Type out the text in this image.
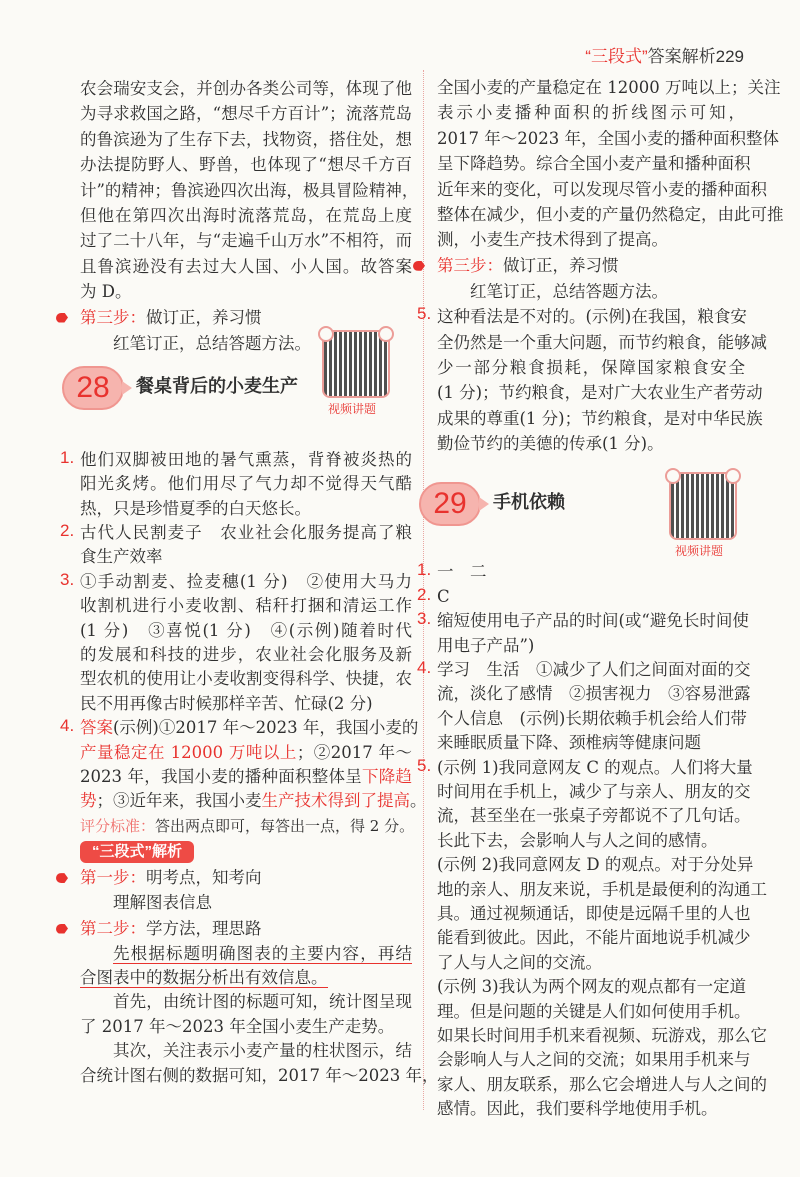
“三段式”答案解析229
农会瑞安支会，并创办各类公司等，体现了他
为寻求救国之路，“想尽千方百计”；流落荒岛
的鲁滨逊为了生存下去，找物资，搭住处，想
办法提防野人、野兽，也体现了“想尽千方百
计”的精神；鲁滨逊四次出海，极具冒险精神，
但他在第四次出海时流落荒岛，在荒岛上度
过了二十八年，与“走遍千山万水”不相符，而
且鲁滨逊没有去过大人国、小人国。故答案
为 D。
第三步：做订正，养习惯
红笔订正，总结答题方法。
28	餐桌背后的小麦生产
视频讲题
1. 他们双脚被田地的暑气熏蒸，背脊被炎热的
阳光炙烤。他们用尽了气力却不觉得天气酷
热，只是珍惜夏季的白天悠长。
2. 古代人民割麦子　农业社会化服务提高了粮
食生产效率
3. ①手动割麦、捡麦穗(1 分)　②使用大马力
收割机进行小麦收割、秸秆打捆和清运工作
(1 分)　③喜悦(1 分)　④(示例)随着时代
的发展和科技的进步，农业社会化服务及新
型农机的使用让小麦收割变得科学、快捷，农
民不用再像古时候那样辛苦、忙碌(2 分)
4. 答案(示例)①2017 年～2023 年，我国小麦的
产量稳定在 12000 万吨以上；②2017 年～
2023 年，我国小麦的播种面积整体呈下降趋
势；③近年来，我国小麦生产技术得到了提高。
评分标准：答出两点即可，每答出一点，得 2 分。
“三段式”解析
第一步：明考点，知考向
理解图表信息
第二步：学方法，理思路
先根据标题明确图表的主要内容，再结
合图表中的数据分析出有效信息。
首先，由统计图的标题可知，统计图呈现
了 2017 年～2023 年全国小麦生产走势。
其次，关注表示小麦产量的柱状图示，结
合统计图右侧的数据可知，2017 年～2023 年，
全国小麦的产量稳定在 12000 万吨以上；关注
表示小麦播种面积的折线图示可知，
2017 年～2023 年，全国小麦的播种面积整体
呈下降趋势。综合全国小麦产量和播种面积
近年来的变化，可以发现尽管小麦的播种面积
整体在减少，但小麦的产量仍然稳定，由此可推
测，小麦生产技术得到了提高。
第三步：做订正，养习惯
红笔订正，总结答题方法。
5. 这种看法是不对的。(示例)在我国，粮食安
全仍然是一个重大问题，而节约粮食，能够减
少一部分粮食损耗，保障国家粮食安全
(1 分)；节约粮食，是对广大农业生产者劳动
成果的尊重(1 分)；节约粮食，是对中华民族
勤俭节约的美德的传承(1 分)。
29	手机依赖
视频讲题
1. 一　二
2. C
3. 缩短使用电子产品的时间(或“避免长时间使
用电子产品”)
4. 学习　生活　①减少了人们之间面对面的交
流，淡化了感情　②损害视力　③容易泄露
个人信息　(示例)长期依赖手机会给人们带
来睡眠质量下降、颈椎病等健康问题
5. (示例 1)我同意网友 C 的观点。人们将大量
时间用在手机上，减少了与亲人、朋友的交
流，甚至坐在一张桌子旁都说不了几句话。
长此下去，会影响人与人之间的感情。
(示例 2)我同意网友 D 的观点。对于分处异
地的亲人、朋友来说，手机是最便利的沟通工
具。通过视频通话，即使是远隔千里的人也
能看到彼此。因此，不能片面地说手机减少
了人与人之间的交流。
(示例 3)我认为两个网友的观点都有一定道
理。但是问题的关键是人们如何使用手机。
如果长时间用手机来看视频、玩游戏，那么它
会影响人与人之间的交流；如果用手机来与
家人、朋友联系，那么它会增进人与人之间的
感情。因此，我们要科学地使用手机。
